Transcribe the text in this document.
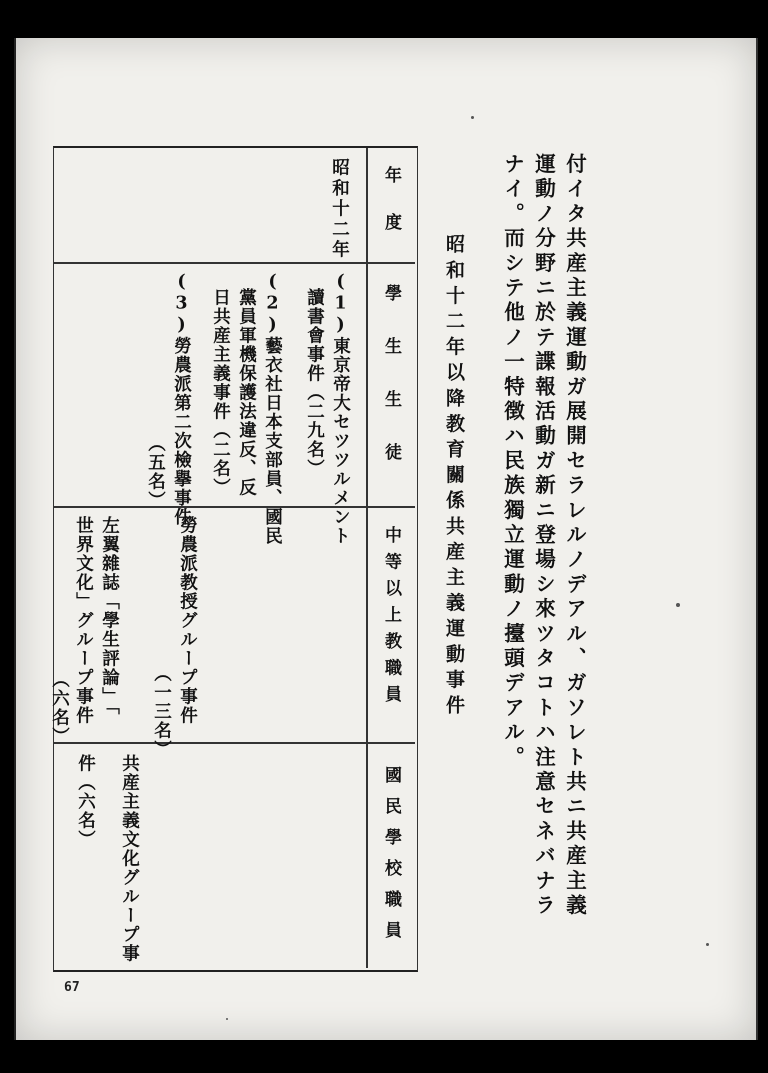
付イタ共産主義運動ガ展開セラレルノデアル、ガソレト共ニ共産主義
運動ノ分野ニ於テ諜報活動ガ新ニ登場シ來ツタコトハ注意セネバナラ
ナイ。而シテ他ノ一特徴ハ民族獨立運動ノ擡頭デアル。
昭和十二年以降教育關係共産主義運動事件
年度
學生生徒
中等以上教職員
國民學校職員
昭和十二年
(1)東京帝大セツツルメント
讀書會事件（二九名）
(2)藝衣社日本支部員、國民
黨員軍機保護法違反、反
日共産主義事件（二名）
(3)勞農派第二次檢擧事件
（五名）
勞農派教授グループ事件
（一三名）
左翼雜誌「學生評論」「
世界文化」グループ事件
（六名）
共産主義文化グループ事
件（六名）
67
